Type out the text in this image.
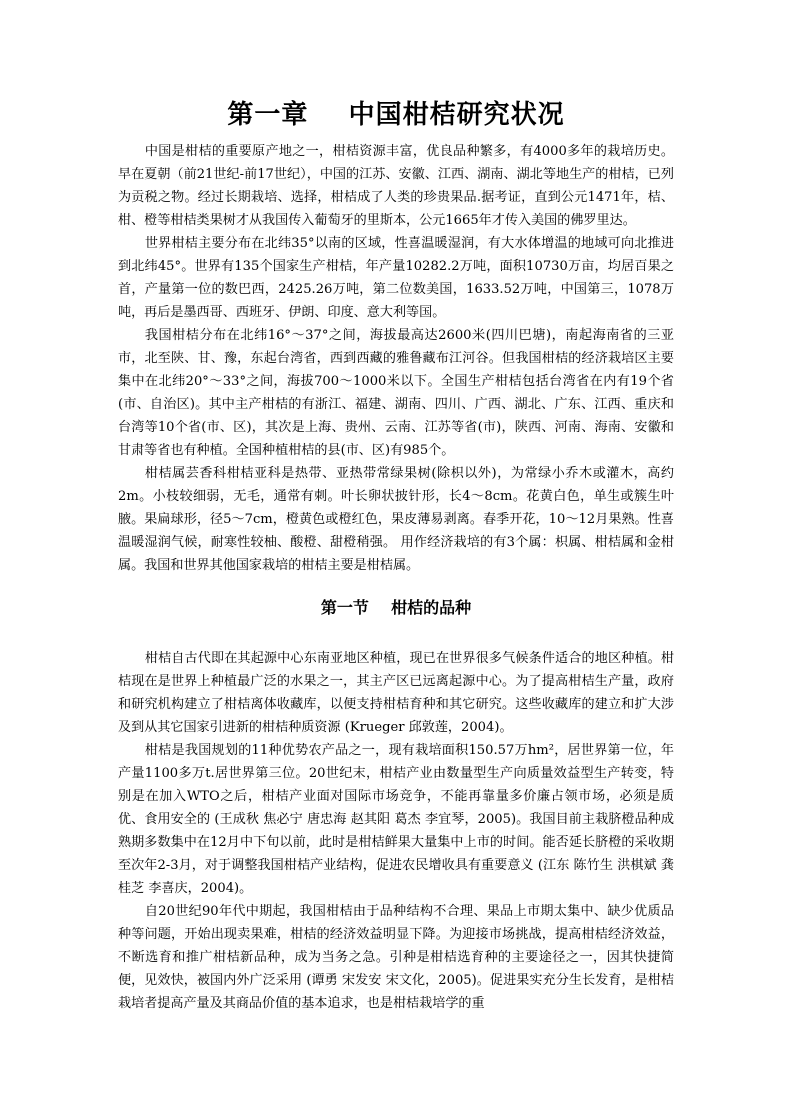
第一章    中国柑桔研究状况

中国是柑桔的重要原产地之一，柑桔资源丰富，优良品种繁多，有4000多年的栽培历史。早在夏朝（前21世纪-前17世纪），中国的江苏、安徽、江西、湖南、湖北等地生产的柑桔，已列为贡税之物。经过长期栽培、选择，柑桔成了人类的珍贵果品.据考证，直到公元1471年，桔、柑、橙等柑桔类果树才从我国传入葡萄牙的里斯本，公元1665年才传入美国的佛罗里达。

世界柑桔主要分布在北纬35°以南的区域，性喜温暖湿润，有大水体增温的地域可向北推进到北纬45°。世界有135个国家生产柑桔，年产量10282.2万吨，面积10730万亩，均居百果之首，产量第一位的数巴西，2425.26万吨，第二位数美国，1633.52万吨，中国第三，1078万吨，再后是墨西哥、西班牙、伊朗、印度、意大利等国。

我国柑桔分布在北纬16°～37°之间，海拔最高达2600米(四川巴塘)，南起海南省的三亚市，北至陕、甘、豫，东起台湾省，西到西藏的雅鲁藏布江河谷。但我国柑桔的经济栽培区主要集中在北纬20°～33°之间，海拔700～1000米以下。全国生产柑桔包括台湾省在内有19个省(市、自治区)。其中主产柑桔的有浙江、福建、湖南、四川、广西、湖北、广东、江西、重庆和台湾等10个省(市、区)，其次是上海、贵州、云南、江苏等省(市)，陕西、河南、海南、安徽和甘肃等省也有种植。全国种植柑桔的县(市、区)有985个。

柑桔属芸香科柑桔亚科是热带、亚热带常绿果树(除枳以外)，为常绿小乔木或灌木，高约2m。小枝较细弱，无毛，通常有刺。叶长卵状披针形，长4～8cm。花黄白色，单生或簇生叶腋。果扁球形，径5～7cm，橙黄色或橙红色，果皮薄易剥离。春季开花，10～12月果熟。性喜温暖湿润气候，耐寒性较柚、酸橙、甜橙稍强。 用作经济栽培的有3个属：枳属、柑桔属和金柑属。我国和世界其他国家栽培的柑桔主要是柑桔属。

第一节    柑桔的品种

柑桔自古代即在其起源中心东南亚地区种植，现已在世界很多气候条件适合的地区种植。柑桔现在是世界上种植最广泛的水果之一，其主产区已远离起源中心。为了提高柑桔生产量，政府和研究机构建立了柑桔离体收藏库，以便支持柑桔育种和其它研究。这些收藏库的建立和扩大涉及到从其它国家引进新的柑桔种质资源 (Krueger 邱敦莲，2004)。

柑桔是我国规划的11种优势农产品之一，现有栽培面积150.57万hm²，居世界第一位，年产量1100多万t.居世界第三位。20世纪末，柑桔产业由数量型生产向质量效益型生产转变，特别是在加入WTO之后，柑桔产业面对国际市场竞争，不能再靠量多价廉占领市场，必须是质优、食用安全的 (王成秋 焦必宁 唐忠海 赵其阳 葛杰 李宜琴，2005)。我国目前主栽脐橙品种成熟期多数集中在12月中下旬以前，此时是柑桔鲜果大量集中上市的时间。能否延长脐橙的采收期至次年2-3月，对于调整我国柑桔产业结构，促进农民增收具有重要意义 (江东 陈竹生 洪棋斌 龚桂芝 李喜庆，2004)。

自20世纪90年代中期起，我国柑桔由于品种结构不合理、果品上市期太集中、缺少优质品种等问题，开始出现卖果难，柑桔的经济效益明显下降。为迎接市场挑战，提高柑桔经济效益，不断选育和推广柑桔新品种，成为当务之急。引种是柑桔选育种的主要途径之一，因其快捷简便，见效快，被国内外广泛采用 (谭勇 宋发安 宋文化，2005)。促进果实充分生长发育，是柑桔栽培者提高产量及其商品价值的基本追求，也是柑桔栽培学的重
